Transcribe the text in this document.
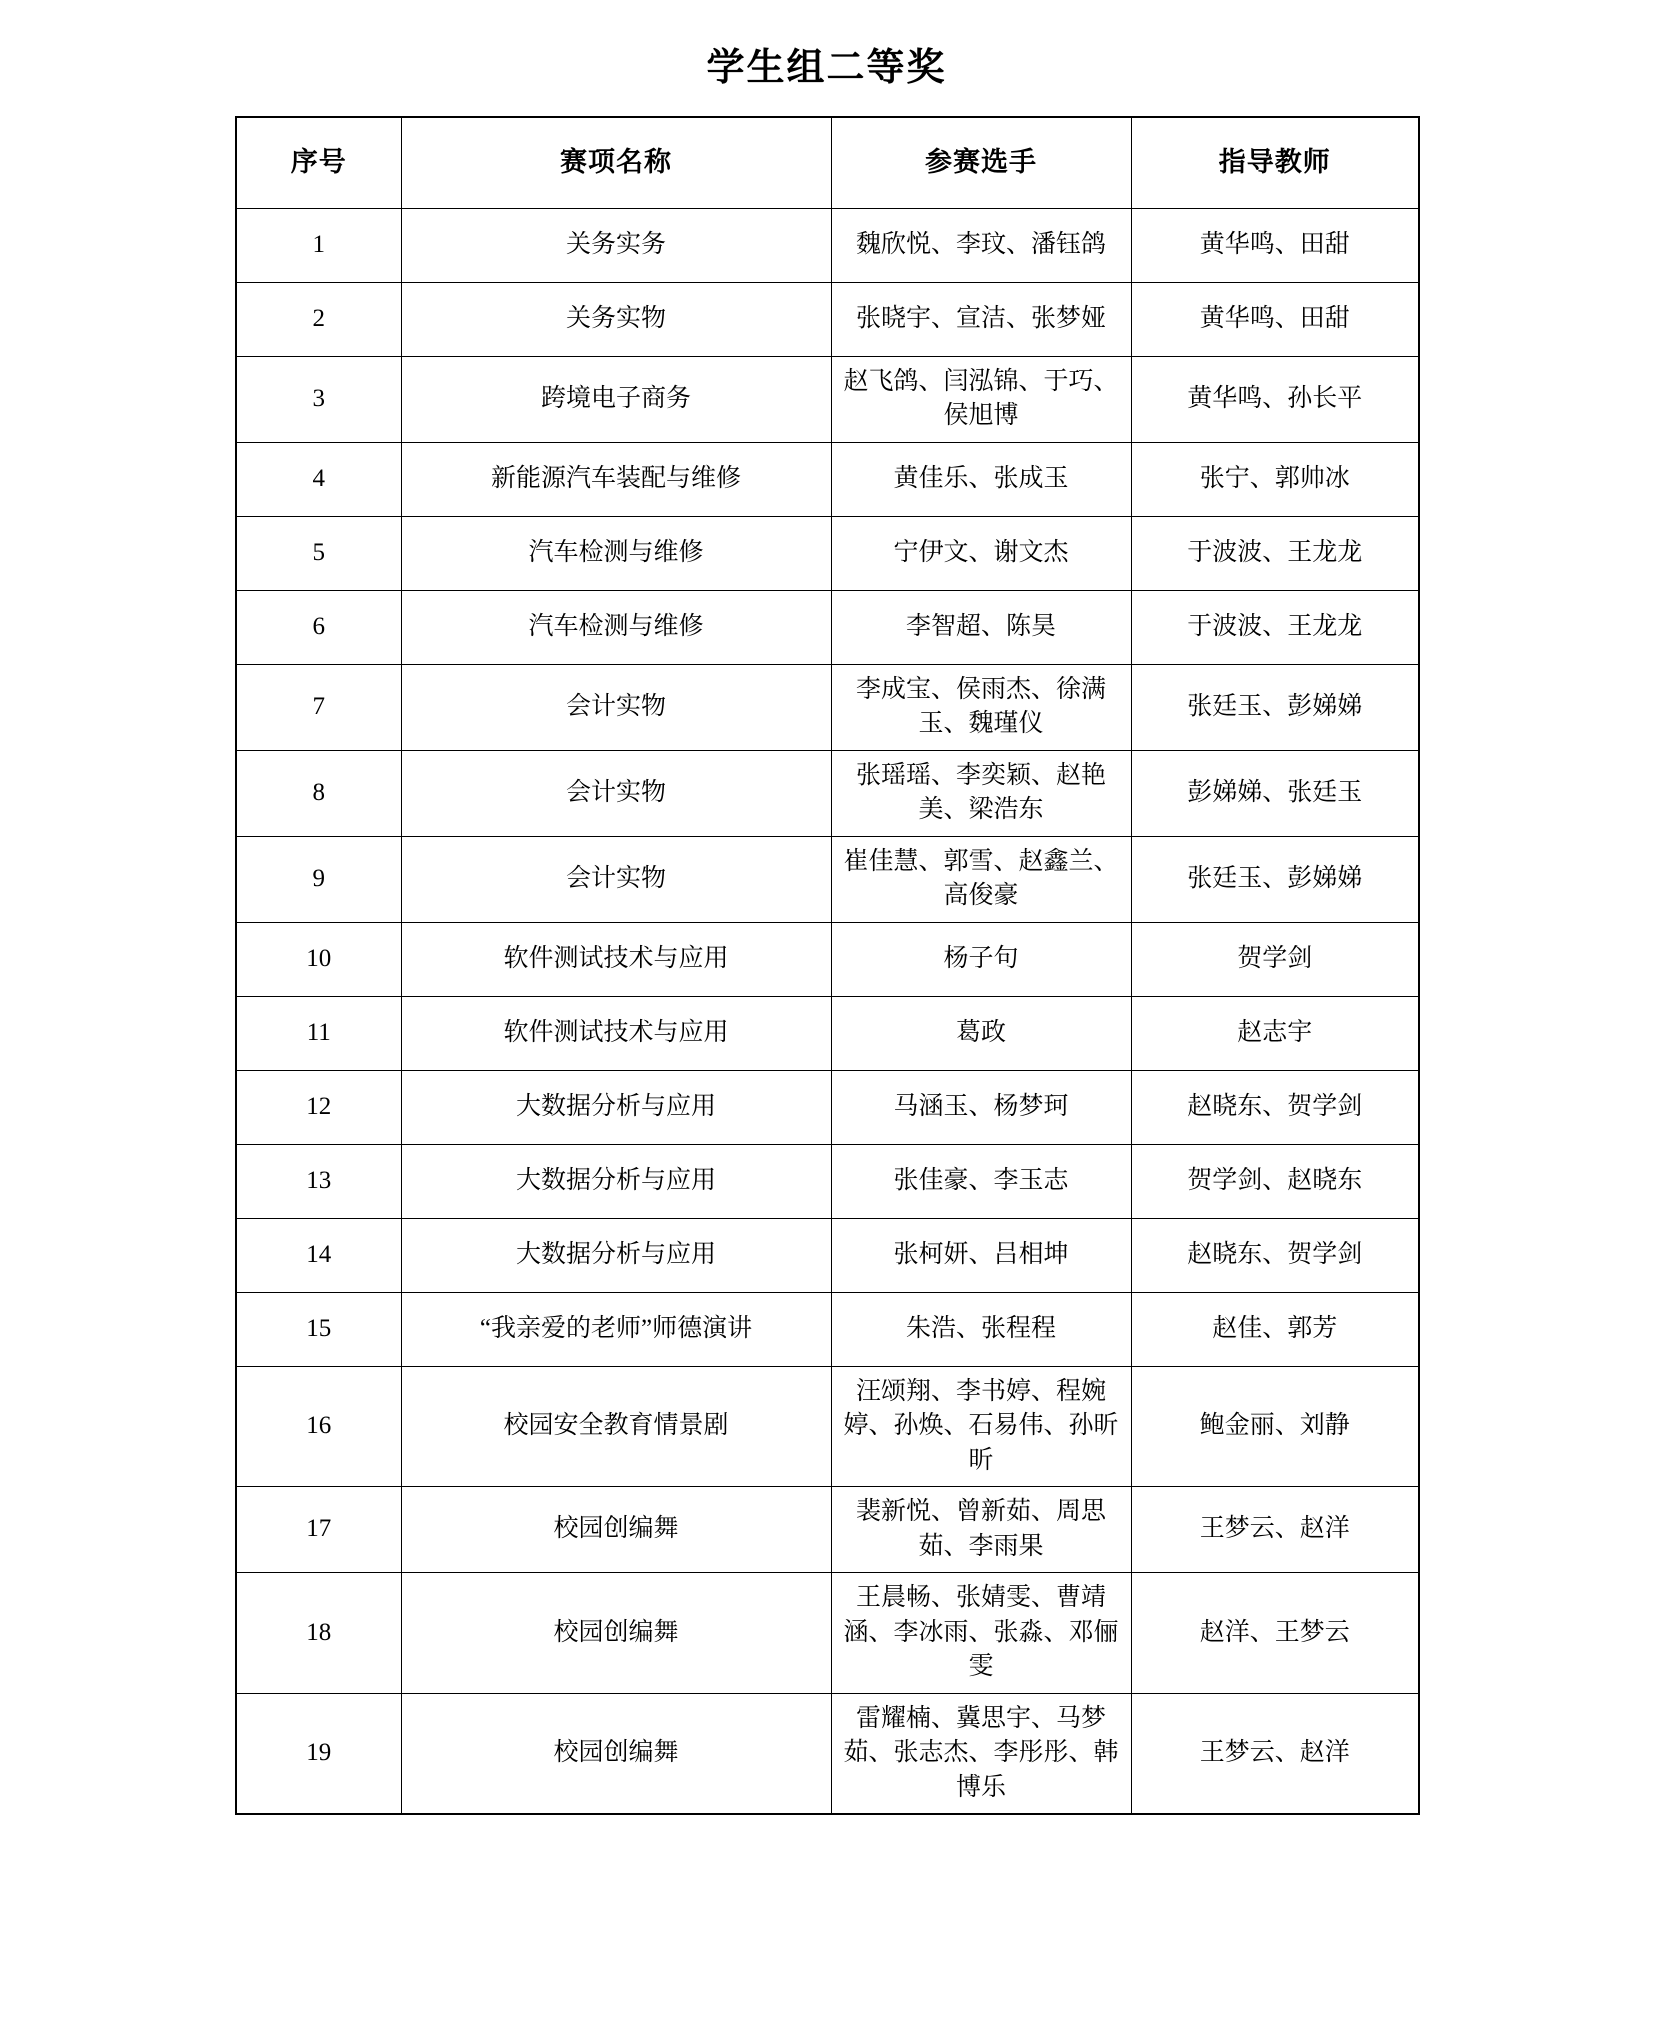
学生组二等奖
序号	赛项名称	参赛选手	指导教师
1	关务实务	魏欣悦、李玟、潘钰鸽	黄华鸣、田甜
2	关务实物	张晓宇、宣洁、张梦娅	黄华鸣、田甜
3	跨境电子商务	赵飞鸽、闫泓锦、于巧、侯旭博	黄华鸣、孙长平
4	新能源汽车装配与维修	黄佳乐、张成玉	张宁、郭帅冰
5	汽车检测与维修	宁伊文、谢文杰	于波波、王龙龙
6	汽车检测与维修	李智超、陈昊	于波波、王龙龙
7	会计实物	李成宝、侯雨杰、徐满玉、魏瑾仪	张廷玉、彭娣娣
8	会计实物	张瑶瑶、李奕颖、赵艳美、梁浩东	彭娣娣、张廷玉
9	会计实物	崔佳慧、郭雪、赵鑫兰、高俊豪	张廷玉、彭娣娣
10	软件测试技术与应用	杨子句	贺学剑
11	软件测试技术与应用	葛政	赵志宇
12	大数据分析与应用	马涵玉、杨梦珂	赵晓东、贺学剑
13	大数据分析与应用	张佳豪、李玉志	贺学剑、赵晓东
14	大数据分析与应用	张柯妍、吕相坤	赵晓东、贺学剑
15	“我亲爱的老师”师德演讲	朱浩、张程程	赵佳、郭芳
16	校园安全教育情景剧	汪颂翔、李书婷、程婉婷、孙焕、石易伟、孙昕昕	鲍金丽、刘静
17	校园创编舞	裴新悦、曾新茹、周思茹、李雨果	王梦云、赵洋
18	校园创编舞	王晨畅、张婧雯、曹靖涵、李冰雨、张淼、邓俪雯	赵洋、王梦云
19	校园创编舞	雷耀楠、冀思宇、马梦茹、张志杰、李彤彤、韩博乐	王梦云、赵洋
